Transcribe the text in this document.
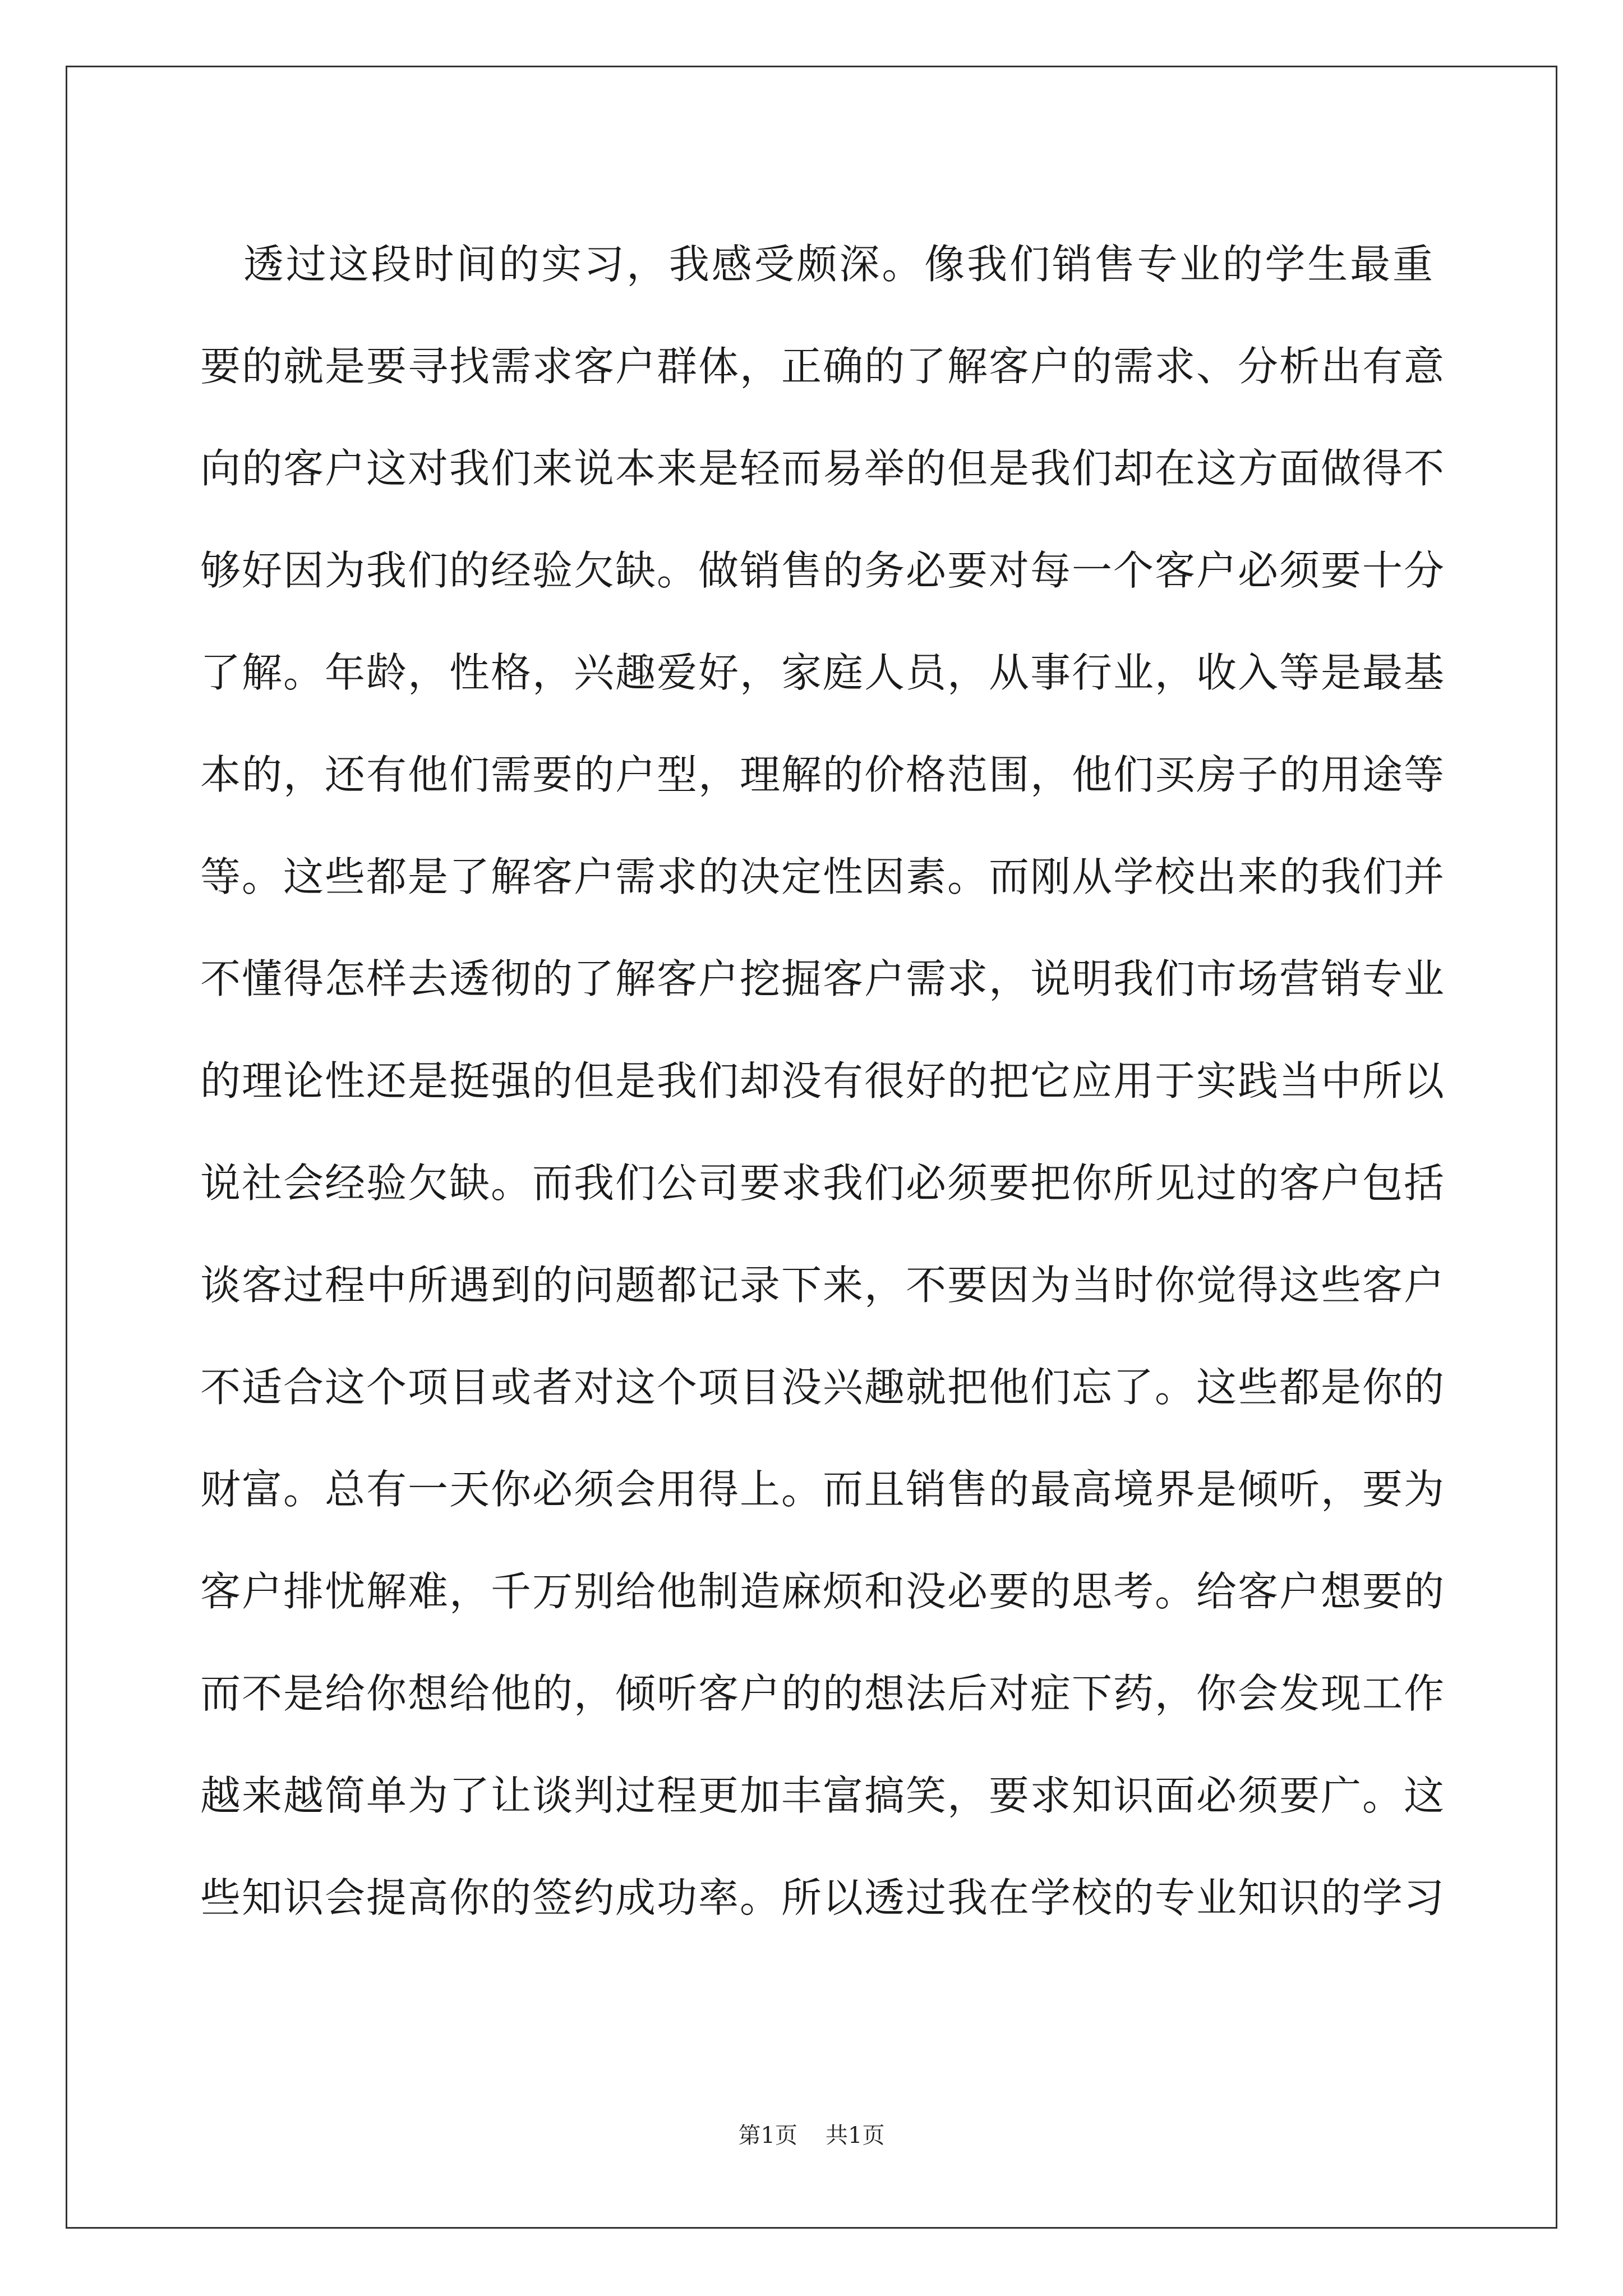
透过这段时间的实习，我感受颇深。像我们销售专业的学生最重
要的就是要寻找需求客户群体，正确的了解客户的需求、分析出有意
向的客户这对我们来说本来是轻而易举的但是我们却在这方面做得不
够好因为我们的经验欠缺。做销售的务必要对每一个客户必须要十分
了解。年龄，性格，兴趣爱好，家庭人员，从事行业，收入等是最基
本的，还有他们需要的户型，理解的价格范围，他们买房子的用途等
等。这些都是了解客户需求的决定性因素。而刚从学校出来的我们并
不懂得怎样去透彻的了解客户挖掘客户需求，说明我们市场营销专业
的理论性还是挺强的但是我们却没有很好的把它应用于实践当中所以
说社会经验欠缺。而我们公司要求我们必须要把你所见过的客户包括
谈客过程中所遇到的问题都记录下来，不要因为当时你觉得这些客户
不适合这个项目或者对这个项目没兴趣就把他们忘了。这些都是你的
财富。总有一天你必须会用得上。而且销售的最高境界是倾听，要为
客户排忧解难，千万别给他制造麻烦和没必要的思考。给客户想要的
而不是给你想给他的，倾听客户的的想法后对症下药，你会发现工作
越来越简单为了让谈判过程更加丰富搞笑，要求知识面必须要广。这
些知识会提高你的签约成功率。所以透过我在学校的专业知识的学习
第1页 共1页
